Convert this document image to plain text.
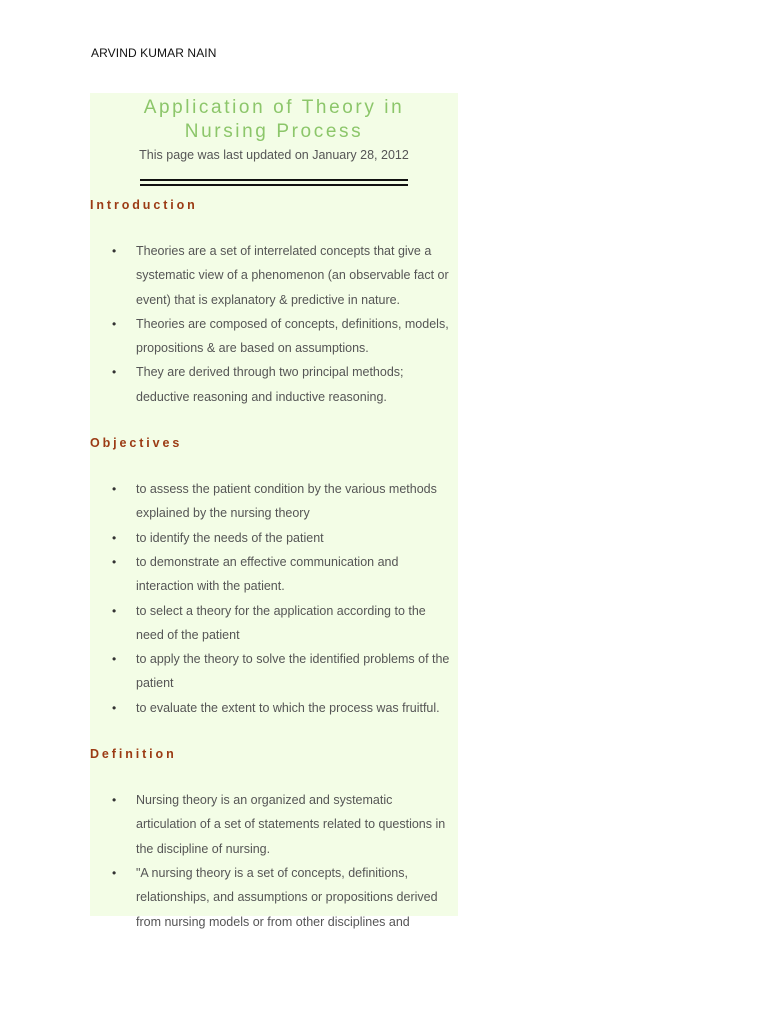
ARVIND KUMAR NAIN
Application of Theory in
Nursing Process
This page was last updated on January 28, 2012
Introduction
• Theories are a set of interrelated concepts that give a systematic view of a phenomenon (an observable fact or event) that is explanatory & predictive in nature.
• Theories are composed of concepts, definitions, models, propositions & are based on assumptions.
• They are derived through two principal methods; deductive reasoning and inductive reasoning.
Objectives
• to assess the patient condition by the various methods explained by the nursing theory
• to identify the needs of the patient
• to demonstrate an effective communication and interaction with the patient.
• to select a theory for the application according to the need of the patient
• to apply the theory to solve the identified problems of the patient
• to evaluate the extent to which the process was fruitful.
Definition
• Nursing theory is an organized and systematic articulation of a set of statements related to questions in the discipline of nursing.
• "A nursing theory is a set of concepts, definitions, relationships, and assumptions or propositions derived from nursing models or from other disciplines and
